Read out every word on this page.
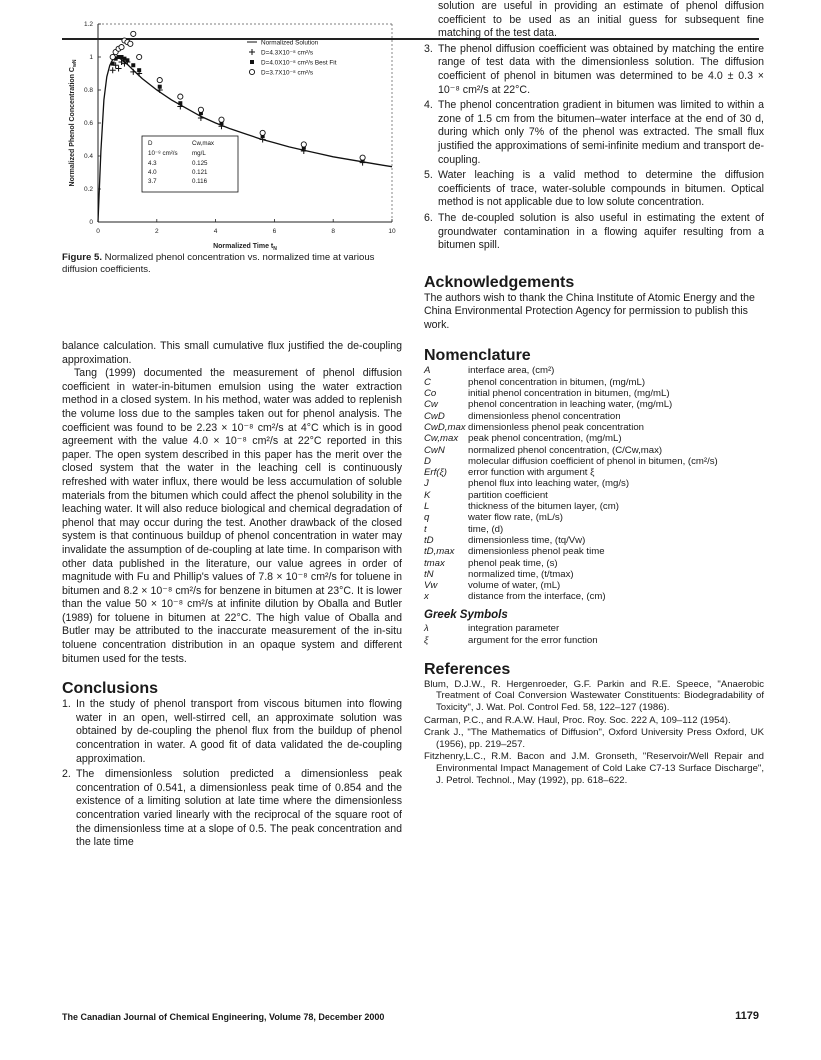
0	2	4	6	8	10
0
0.2
0.4
0.6
0.8
1
1.2
Normalized Time $t_N$
Normalized Phenol Concentration $C_{wN}$
Normalized Solution
D=4.3X10⁻⁸ cm²/s
D=4.0X10⁻⁸ cm²/s Best Fit
D=3.7X10⁻⁸ cm²/s
D	Cw,max
10⁻⁸ cm²/s mg/L
4.3	0.125
4.0	0.121
3.7	0.116
Figure 5. Normalized phenol concentration vs. normalized time at various diffusion coefficients.

balance calculation. This small cumulative flux justified the de-coupling approximation.

Tang (1999) documented the measurement of phenol diffusion coefficient in water-in-bitumen emulsion using the water extraction method in a closed system. In his method, water was added to replenish the volume loss due to the samples taken out for phenol analysis. The coefficient was found to be 2.23 × 10⁻⁸ cm²/s at 4°C which is in good agreement with the value 4.0 × 10⁻⁸ cm²/s at 22°C reported in this paper. The open system described in this paper has the merit over the closed system that the water in the leaching cell is continuously refreshed with water influx, there would be less accumulation of soluble materials from the bitumen which could affect the phenol solubility in the leaching water. It will also reduce biological and chemical degradation of phenol that may occur during the test. Another drawback of the closed system is that continuous buildup of phenol concentration in water may invalidate the assumption of de-coupling at late time. In comparison with other data published in the literature, our value agrees in order of magnitude with Fu and Phillip's values of 7.8 × 10⁻⁸ cm²/s for toluene in bitumen and 8.2 × 10⁻⁸ cm²/s for benzene in bitumen at 23°C. It is lower than the value 50 × 10⁻⁸ cm²/s at infinite dilution by Oballa and Butler (1989) for toluene in bitumen at 22°C. The high value of Oballa and Butler may be attributed to the inaccurate measurement of the in-situ toluene concentration distribution in an opaque system and different bitumen used for the tests.

Conclusions
1. In the study of phenol transport from viscous bitumen into flowing water in an open, well-stirred cell, an approximate solution was obtained by de-coupling the phenol flux from the buildup of phenol concentration in water. A good fit of data validated the de-coupling approximation.
2. The dimensionless solution predicted a dimensionless peak concentration of 0.541, a dimensionless peak time of 0.854 and the existence of a limiting solution at late time where the dimensionless concentration varied linearly with the reciprocal of the square root of the dimensionless time at a slope of 0.5. The peak concentration and the late time
solution are useful in providing an estimate of phenol diffusion coefficient to be used as an initial guess for subsequent fine matching of the test data.
3. The phenol diffusion coefficient was obtained by matching the entire range of test data with the dimensionless solution. The diffusion coefficient of phenol in bitumen was determined to be 4.0 ± 0.3 × 10⁻⁸ cm²/s at 22°C.
4. The phenol concentration gradient in bitumen was limited to within a zone of 1.5 cm from the bitumen–water interface at the end of 30 d, during which only 7% of the phenol was extracted. The small flux justified the approximations of semi-infinite medium and transport de-coupling.
5. Water leaching is a valid method to determine the diffusion coefficients of trace, water-soluble compounds in bitumen. Optical method is not applicable due to low solute concentration.
6. The de-coupled solution is also useful in estimating the extent of groundwater contamination in a flowing aquifer resulting from a bitumen spill.
Acknowledgements

The authors wish to thank the China Institute of Atomic Energy and the China Environmental Protection Agency for permission to publish this work.

Nomenclature
A	interface area, (cm²)
C	phenol concentration in bitumen, (mg/mL)
Co	initial phenol concentration in bitumen, (mg/mL)
Cw	phenol concentration in leaching water, (mg/mL)
CwD	dimensionless phenol concentration
CwD,max dimensionless phenol peak concentration
Cw,max	peak phenol concentration, (mg/mL)
CwN	normalized phenol concentration, (C/Cw,max)
D	molecular diffusion coefficient of phenol in bitumen, (cm²/s)
Erf(ξ)	error function with argument ξ
J	phenol flux into leaching water, (mg/s)
K	partition coefficient
L	thickness of the bitumen layer, (cm)
q	water flow rate, (mL/s)
t	time, (d)
tD	dimensionless time, (tq/Vw)
tD,max	dimensionless phenol peak time
tmax	phenol peak time, (s)
tN	normalized time, (t/tmax)
Vw	volume of water, (mL)
x	distance from the interface, (cm)
Greek Symbols
λ	integration parameter
ξ	argument for the error function
References
Blum, D.J.W., R. Hergenroeder, G.F. Parkin and R.E. Speece, "Anaerobic Treatment of Coal Conversion Wastewater Constituents: Biodegradability of Toxicity", J. Wat. Pol. Control Fed. 58, 122–127 (1986).
Carman, P.C., and R.A.W. Haul, Proc. Roy. Soc. 222 A, 109–112 (1954).
Crank J., "The Mathematics of Diffusion", Oxford University Press Oxford, UK (1956), pp. 219–257.
Fitzhenry,L.C., R.M. Bacon and J.M. Gronseth, "Reservoir/Well Repair and Environmental Impact Management of Cold Lake C7-13 Surface Discharge", J. Petrol. Technol., May (1992), pp. 618–622.
The Canadian Journal of Chemical Engineering, Volume 78, December 2000	1179
